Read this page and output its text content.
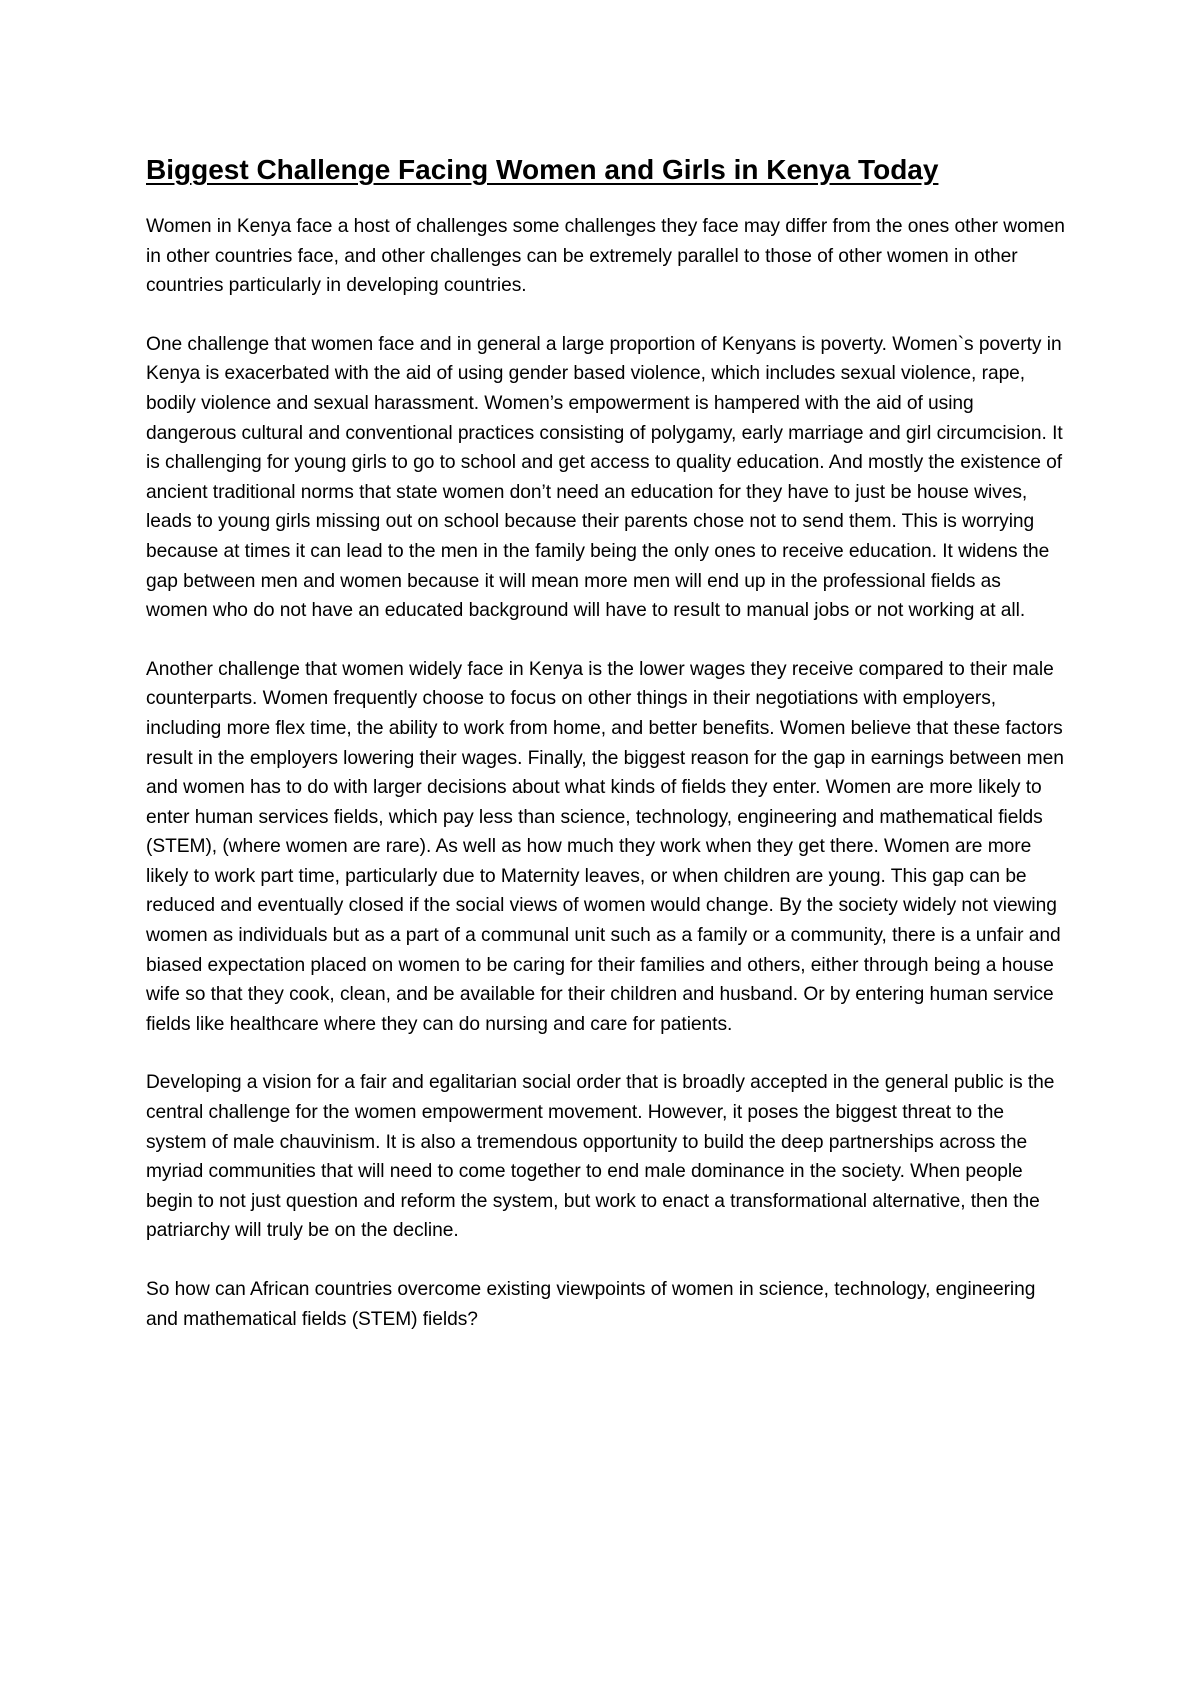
Biggest Challenge Facing Women and Girls in Kenya Today

Women in Kenya face a host of challenges some challenges they face may differ from the ones other women in other countries face, and other challenges can be extremely parallel to those of other women in other countries particularly in developing countries.

One challenge that women face and in general a large proportion of Kenyans is poverty. Women`s poverty in Kenya is exacerbated with the aid of using gender based violence, which includes sexual violence, rape, bodily violence and sexual harassment. Women’s empowerment is hampered with the aid of using dangerous cultural and conventional practices consisting of polygamy, early marriage and girl circumcision. It is challenging for young girls to go to school and get access to quality education. And mostly the existence of ancient traditional norms that state women don’t need an education for they have to just be house wives, leads to young girls missing out on school because their parents chose not to send them. This is worrying because at times it can lead to the men in the family being the only ones to receive education. It widens the gap between men and women because it will mean more men will end up in the professional fields as women who do not have an educated background will have to result to manual jobs or not working at all.

Another challenge that women widely face in Kenya is the lower wages they receive compared to their male counterparts. Women frequently choose to focus on other things in their negotiations with employers, including more flex time, the ability to work from home, and better benefits. Women believe that these factors result in the employers lowering their wages. Finally, the biggest reason for the gap in earnings between men and women has to do with larger decisions about what kinds of fields they enter. Women are more likely to enter human services fields, which pay less than science, technology, engineering and mathematical fields (STEM), (where women are rare). As well as how much they work when they get there. Women are more likely to work part time, particularly due to Maternity leaves, or when children are young. This gap can be reduced and eventually closed if the social views of women would change. By the society widely not viewing women as individuals but as a part of a communal unit such as a family or a community, there is a unfair and biased expectation placed on women to be caring for their families and others, either through being a house wife so that they cook, clean, and be available for their children and husband. Or by entering human service fields like healthcare where they can do nursing and care for patients.

Developing a vision for a fair and egalitarian social order that is broadly accepted in the general public is the central challenge for the women empowerment movement. However, it poses the biggest threat to the system of male chauvinism. It is also a tremendous opportunity to build the deep partnerships across the myriad communities that will need to come together to end male dominance in the society. When people begin to not just question and reform the system, but work to enact a transformational alternative, then the patriarchy will truly be on the decline.

So how can African countries overcome existing viewpoints of women in science, technology, engineering and mathematical fields (STEM) fields?
